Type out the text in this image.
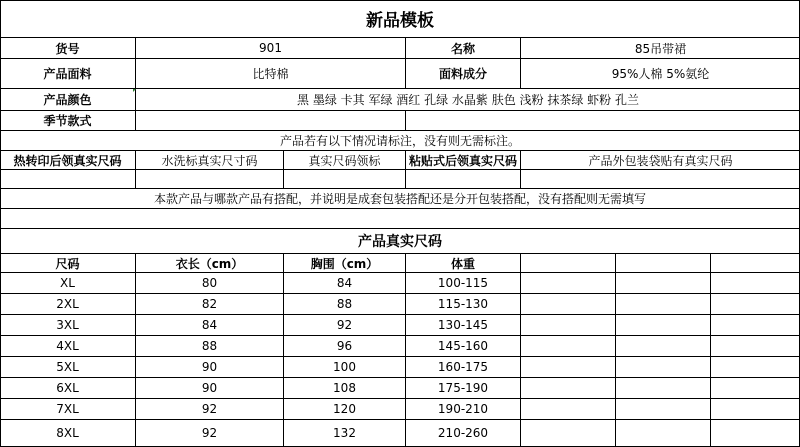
新品模板
货号	901	名称	85吊带裙
产品面料	比特棉	面料成分	95%人棉 5%氨纶
产品颜色	黑 墨绿 卡其 军绿 酒红 孔绿 水晶紫 肤色 浅粉 抹茶绿 虾粉 孔兰
季节款式
产品若有以下情况请标注，没有则无需标注。
热转印后领真实尺码	水洗标真实尺寸码	真实尺码领标	粘贴式后领真实尺码	产品外包装袋贴有真实尺码
本款产品与哪款产品有搭配，并说明是成套包装搭配还是分开包装搭配，没有搭配则无需填写
产品真实尺码
尺码	衣长（cm）	胸围（cm）	体重
XL	80	84	100-115
2XL	82	88	115-130
3XL	84	92	130-145
4XL	88	96	145-160
5XL	90	100	160-175
6XL	90	108	175-190
7XL	92	120	190-210
8XL	92	132	210-260
